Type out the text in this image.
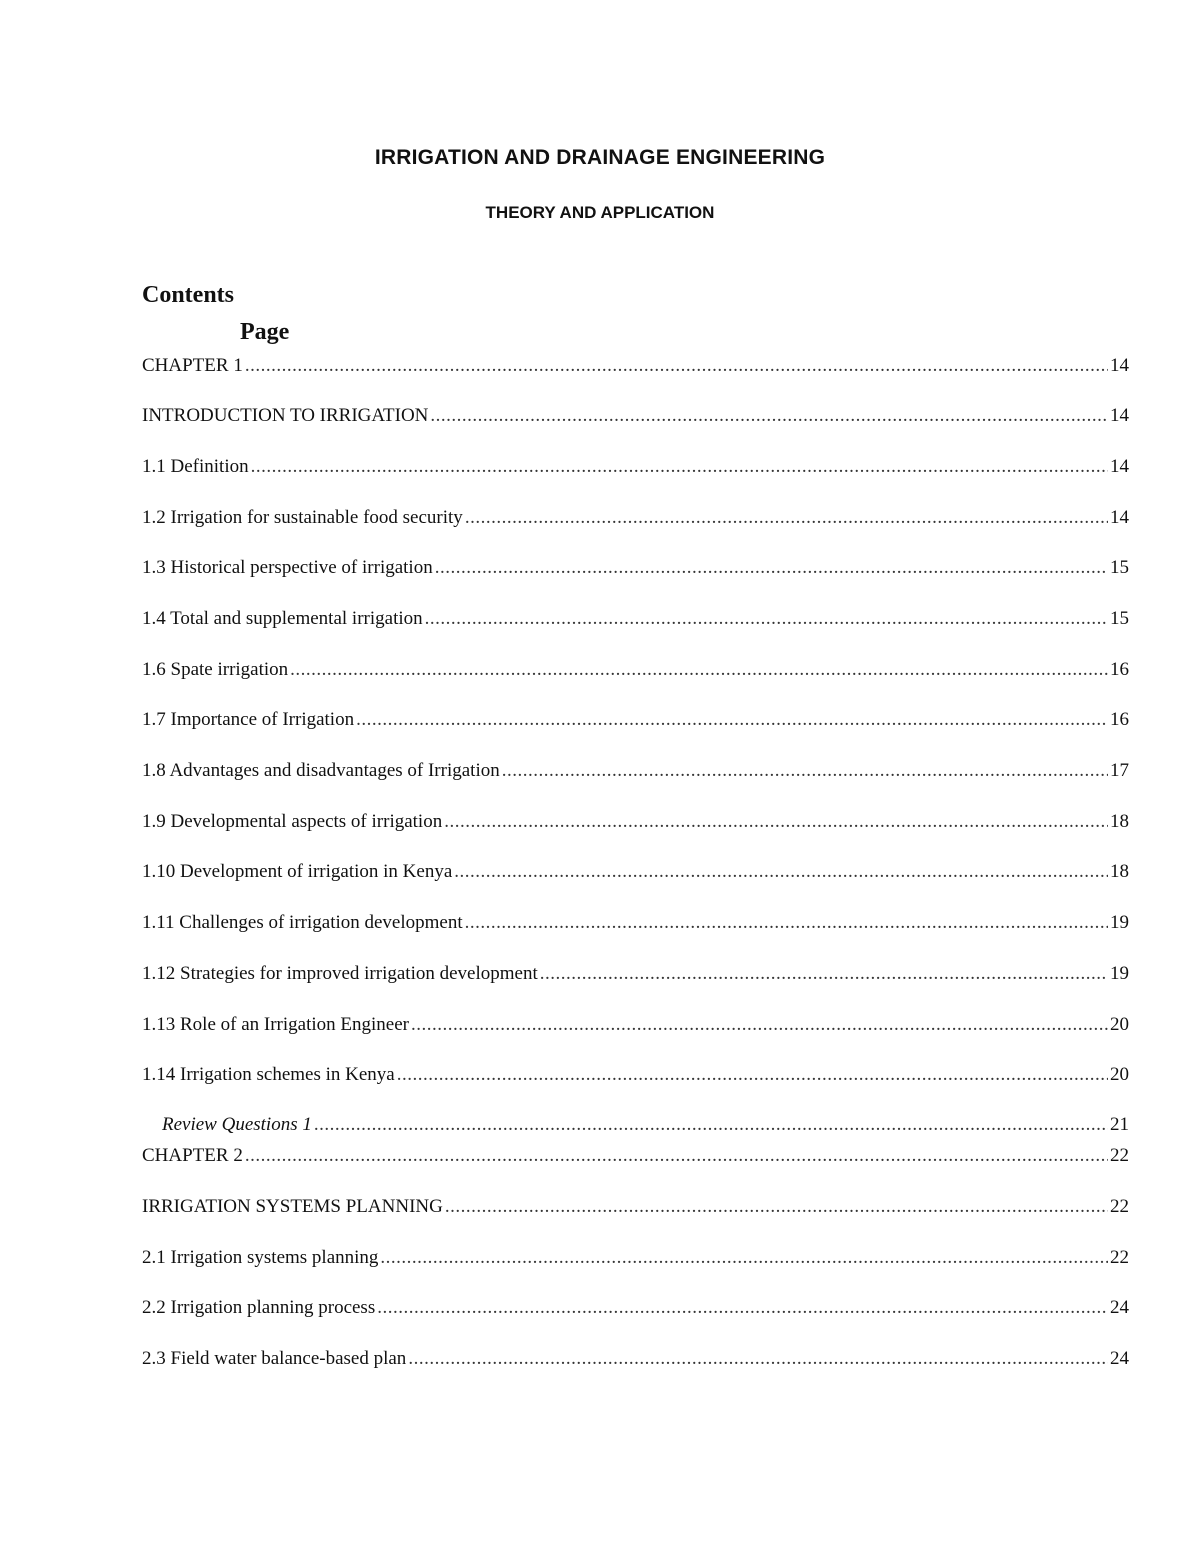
IRRIGATION AND DRAINAGE ENGINEERING
THEORY AND APPLICATION
Contents
Page
CHAPTER 1 .....	14
INTRODUCTION TO IRRIGATION .....	14
1.1 Definition .....	14
1.2 Irrigation for sustainable food security .....	14
1.3 Historical perspective of irrigation .....	15
1.4 Total and supplemental irrigation .....	15
1.6 Spate irrigation .....	16
1.7 Importance of Irrigation .....	16
1.8 Advantages and disadvantages of Irrigation .....	17
1.9 Developmental aspects of irrigation .....	18
1.10 Development of irrigation in Kenya .....	18
1.11 Challenges of irrigation development .....	19
1.12 Strategies for improved irrigation development .....	19
1.13 Role of an Irrigation Engineer .....	20
1.14 Irrigation schemes in Kenya .....	20
Review Questions 1 .....	21
CHAPTER 2 .....	22
IRRIGATION SYSTEMS PLANNING .....	22
2.1 Irrigation systems planning .....	22
2.2 Irrigation planning process .....	24
2.3 Field water balance-based plan .....	24
